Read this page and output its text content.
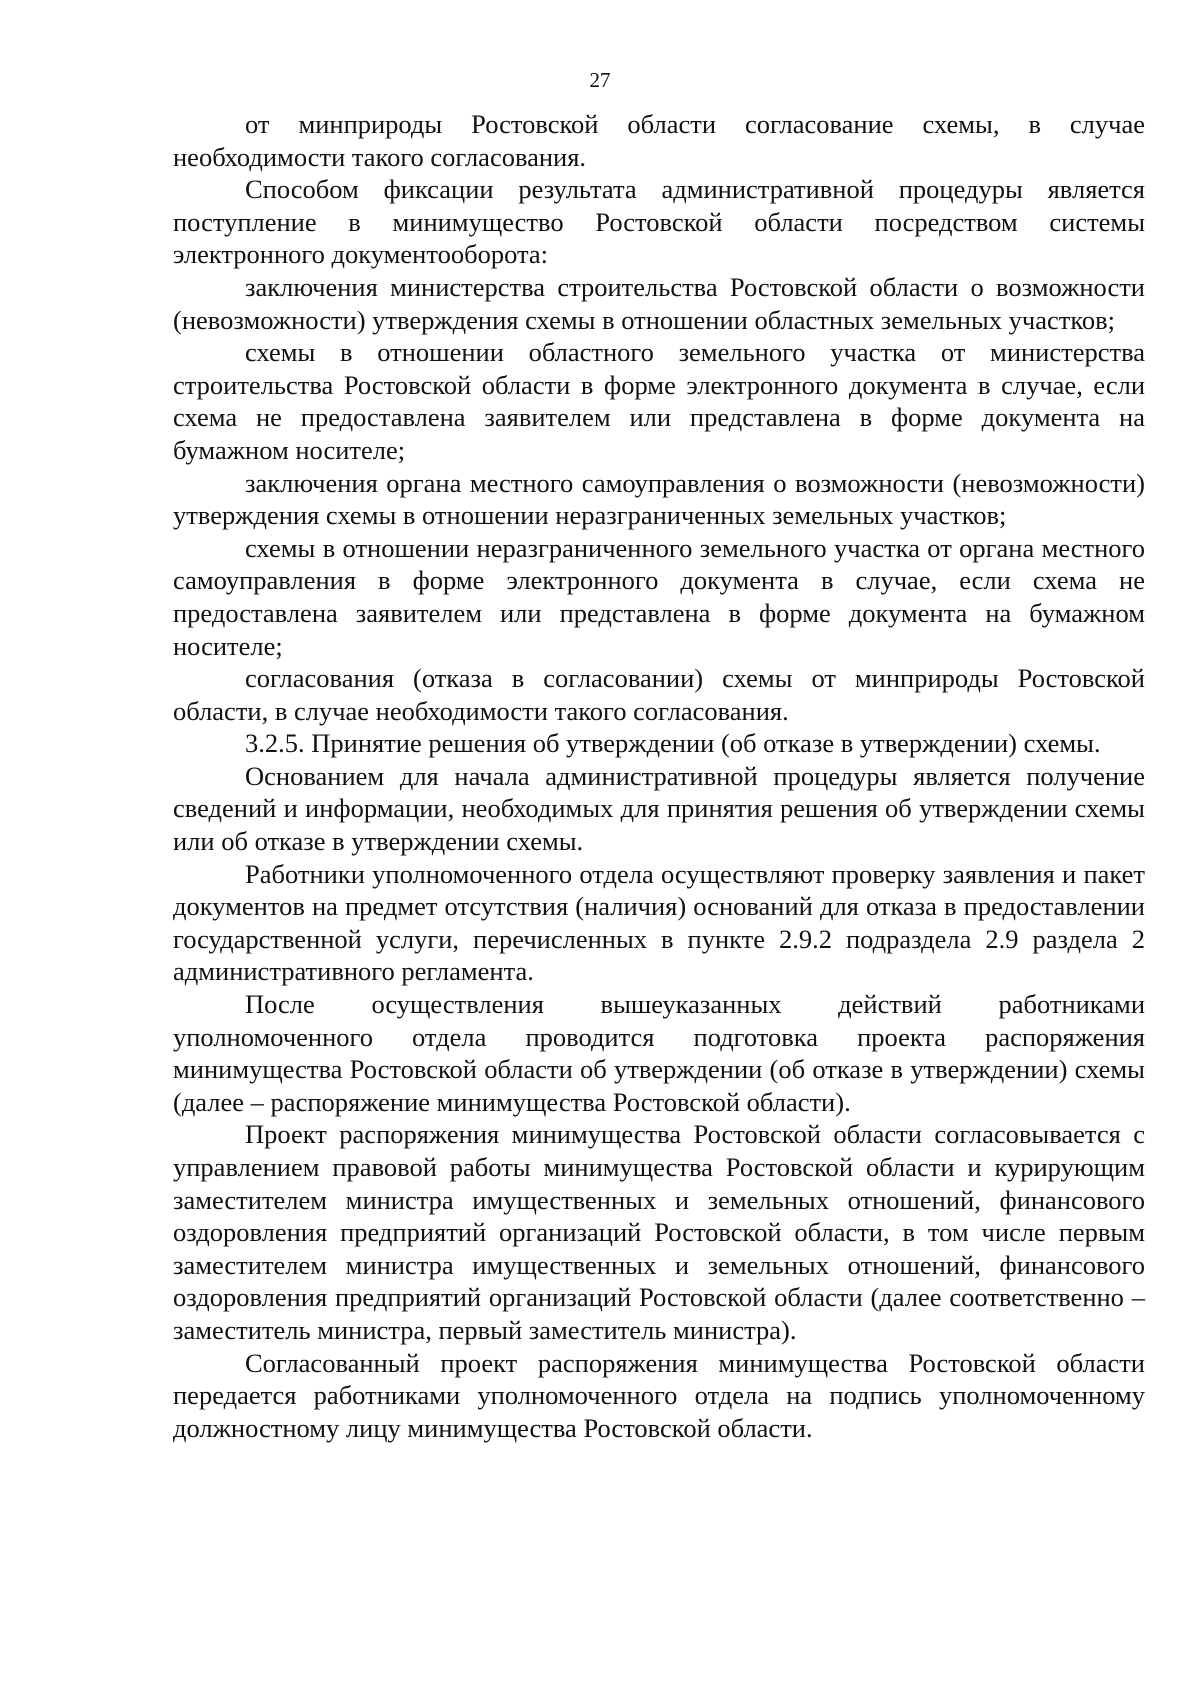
27

от минприроды Ростовской области согласование схемы, в случае необходимости такого согласования.

Способом фиксации результата административной процедуры является поступление в минимущество Ростовской области посредством системы электронного документооборота:

заключения министерства строительства Ростовской области о возможности (невозможности) утверждения схемы в отношении областных земельных участков;

схемы в отношении областного земельного участка от министерства строительства Ростовской области в форме электронного документа в случае, если схема не предоставлена заявителем или представлена в форме документа на бумажном носителе;

заключения органа местного самоуправления о возможности (невозможности) утверждения схемы в отношении неразграниченных земельных участков;

схемы в отношении неразграниченного земельного участка от органа местного самоуправления в форме электронного документа в случае, если схема не предоставлена заявителем или представлена в форме документа на бумажном носителе;

согласования (отказа в согласовании) схемы от минприроды Ростовской области, в случае необходимости такого согласования.

3.2.5. Принятие решения об утверждении (об отказе в утверждении) схемы.

Основанием для начала административной процедуры является получение сведений и информации, необходимых для принятия решения об утверждении схемы или об отказе в утверждении схемы.

Работники уполномоченного отдела осуществляют проверку заявления и пакет документов на предмет отсутствия (наличия) оснований для отказа в предоставлении государственной услуги, перечисленных в пункте 2.9.2 подраздела 2.9 раздела 2 административного регламента.

После осуществления вышеуказанных действий работниками уполномоченного отдела проводится подготовка проекта распоряжения минимущества Ростовской области об утверждении (об отказе в утверждении) схемы (далее – распоряжение минимущества Ростовской области).

Проект распоряжения минимущества Ростовской области согласовывается с управлением правовой работы минимущества Ростовской области и курирующим заместителем министра имущественных и земельных отношений, финансового оздоровления предприятий организаций Ростовской области, в том числе первым заместителем министра имущественных и земельных отношений, финансового оздоровления предприятий организаций Ростовской области (далее соответственно – заместитель министра, первый заместитель министра).

Согласованный проект распоряжения минимущества Ростовской области передается работниками уполномоченного отдела на подпись уполномоченному должностному лицу минимущества Ростовской области.
